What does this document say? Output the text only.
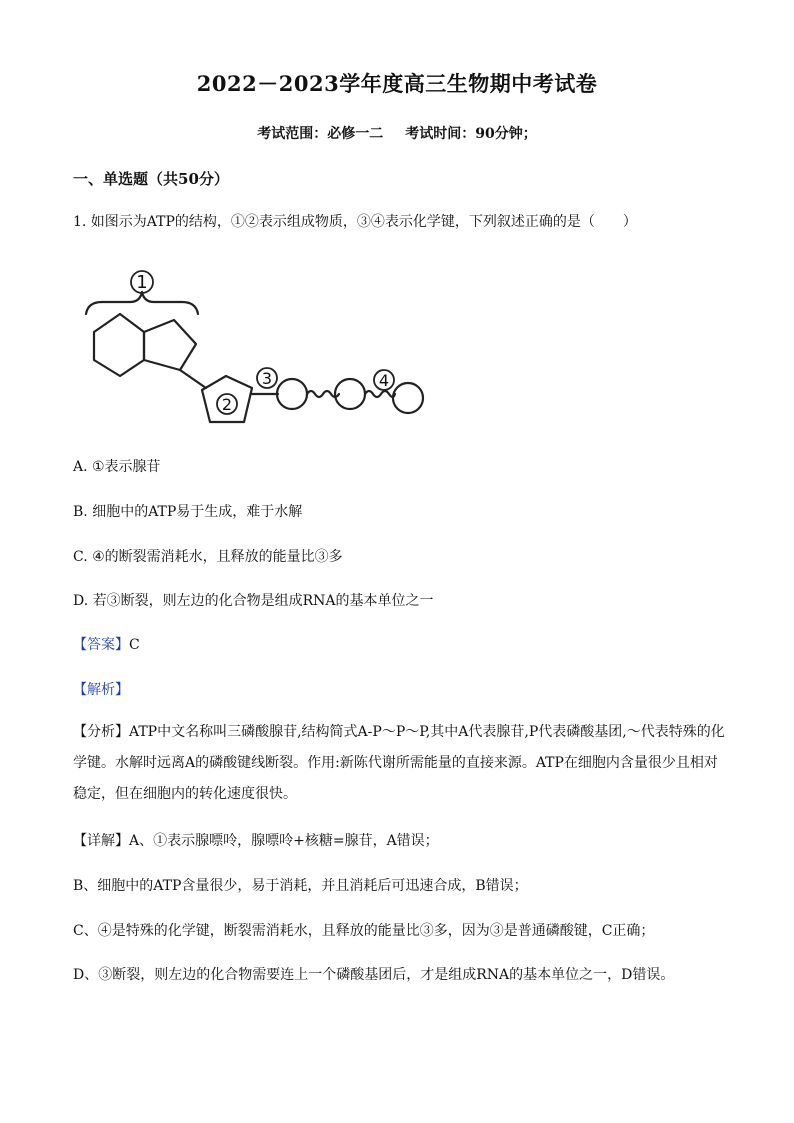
2022－2023学年度高三生物期中考试卷
考试范围：必修一二 考试时间：90分钟；
一、单选题（共50分）
1. 如图示为ATP的结构，①②表示组成物质，③④表示化学键，下列叙述正确的是（　　）
1
2
3	4
A. ①表示腺苷
B. 细胞中的ATP易于生成，难于水解
C. ④的断裂需消耗水，且释放的能量比③多
D. 若③断裂，则左边的化合物是组成RNA的基本单位之一
【答案】C
【解析】
【分析】ATP中文名称叫三磷酸腺苷,结构简式A-P～P～P,其中A代表腺苷,P代表磷酸基团,～代表特殊的化学键。水解时远离A的磷酸键线断裂。作用:新陈代谢所需能量的直接来源。ATP在细胞内含量很少且相对稳定，但在细胞内的转化速度很快。
【详解】A、①表示腺嘌呤，腺嘌呤+核糖=腺苷，A错误；
B、细胞中的ATP含量很少，易于消耗，并且消耗后可迅速合成，B错误；
C、④是特殊的化学键，断裂需消耗水，且释放的能量比③多，因为③是普通磷酸键，C正确；
D、③断裂，则左边的化合物需要连上一个磷酸基团后，才是组成RNA的基本单位之一，D错误。
